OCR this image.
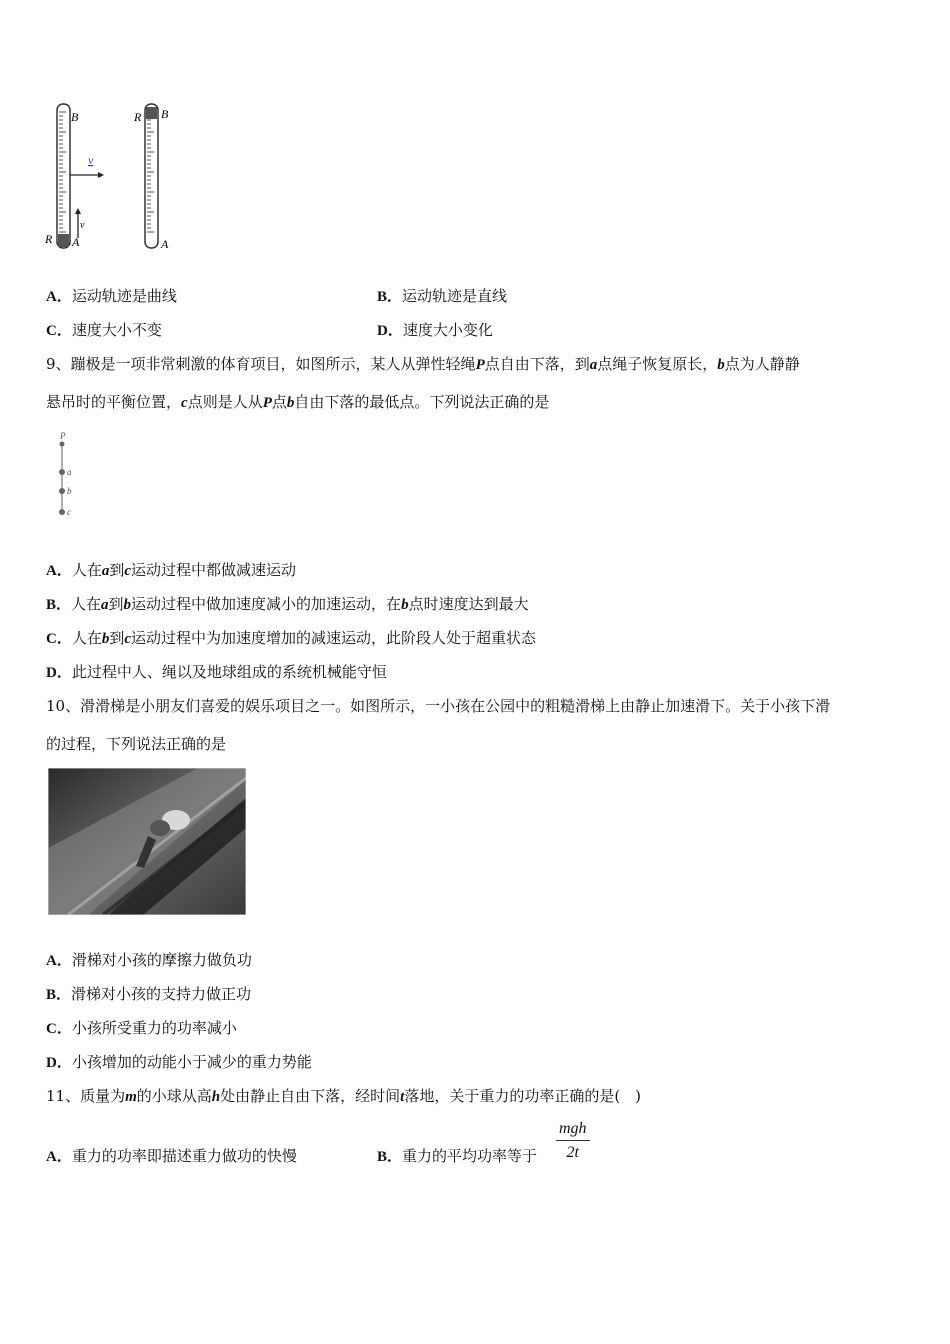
B
R A
v
v
R B
A
A．运动轨迹是曲线	B．运动轨迹是直线
C．速度大小不变	D．速度大小变化
9、蹦极是一项非常刺激的体育项目，如图所示，某人从弹性轻绳P点自由下落，到a点绳子恢复原长，b点为人静静
悬吊时的平衡位置，c点则是人从P点b自由下落的最低点。下列说法正确的是
P
a
b
c
A．人在a到c运动过程中都做减速运动
B．人在a到b运动过程中做加速度减小的加速运动，在b点时速度达到最大
C．人在b到c运动过程中为加速度增加的减速运动，此阶段人处于超重状态
D．此过程中人、绳以及地球组成的系统机械能守恒
10、滑滑梯是小朋友们喜爱的娱乐项目之一。如图所示，一小孩在公园中的粗糙滑梯上由静止加速滑下。关于小孩下滑
的过程，下列说法正确的是
A．滑梯对小孩的摩擦力做负功
B．滑梯对小孩的支持力做正功
C．小孩所受重力的功率减小
D．小孩增加的动能小于减少的重力势能
11、质量为m的小球从高h处由静止自由下落，经时间t落地，关于重力的功率正确的是(　)
A．重力的功率即描述重力做功的快慢	B．重力的平均功率等于
mgh
2t
